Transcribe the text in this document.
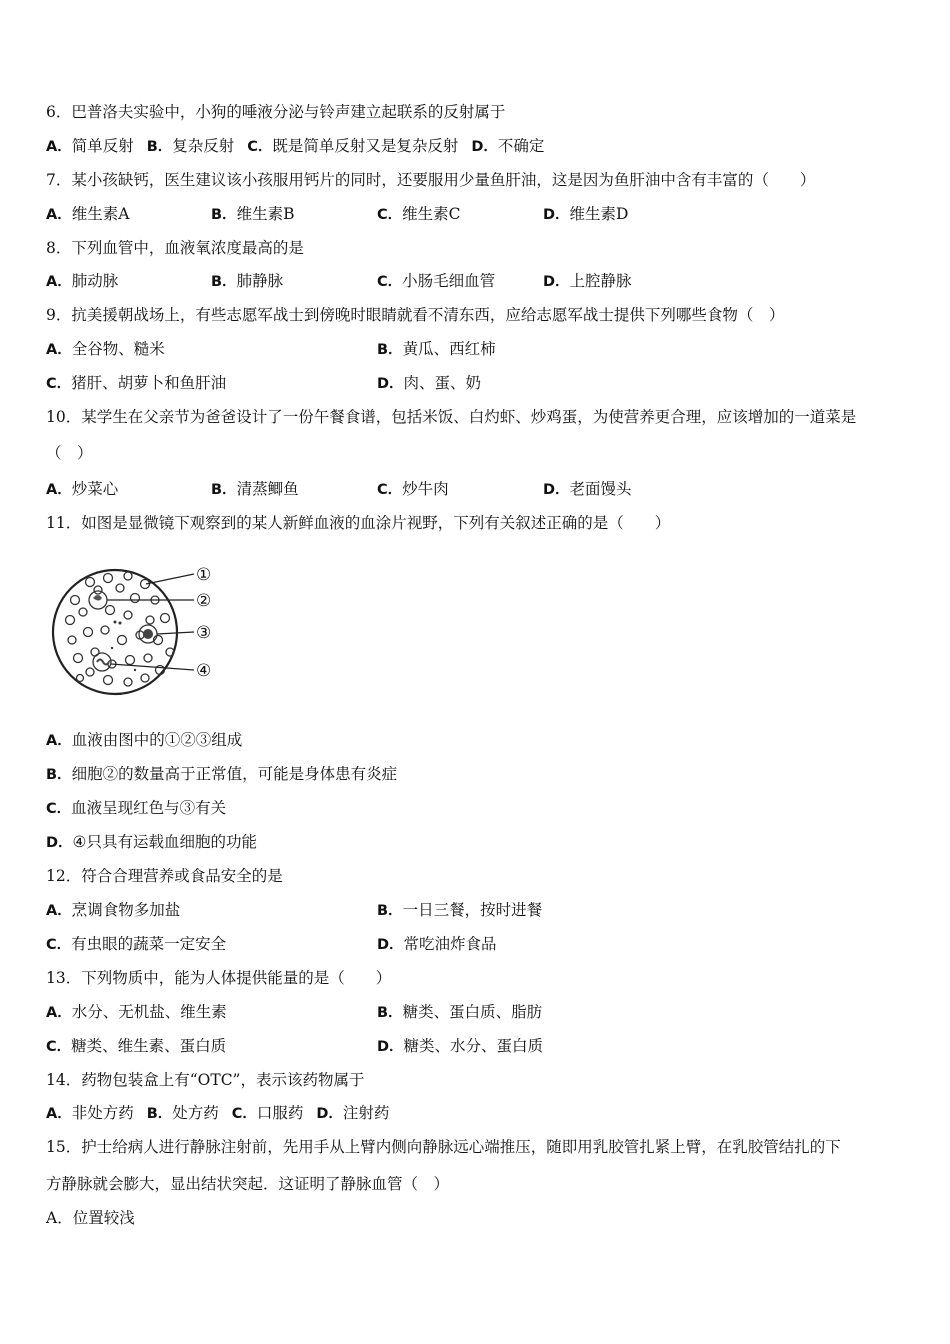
6．巴普洛夫实验中，小狗的唾液分泌与铃声建立起联系的反射属于
A．简单反射 B．复杂反射 C．既是简单反射又是复杂反射 D．不确定
7．某小孩缺钙，医生建议该小孩服用钙片的同时，还要服用少量鱼肝油，这是因为鱼肝油中含有丰富的（　　）
A．维生素A	B．维生素B	C．维生素C	D．维生素D
8．下列血管中，血液氧浓度最高的是
A．肺动脉	B．肺静脉	C．小肠毛细血管	D．上腔静脉
9．抗美援朝战场上，有些志愿军战士到傍晚时眼睛就看不清东西，应给志愿军战士提供下列哪些食物（　）
A．全谷物、糙米	B．黄瓜、西红柿
C．猪肝、胡萝卜和鱼肝油	D．肉、蛋、奶
10．某学生在父亲节为爸爸设计了一份午餐食谱，包括米饭、白灼虾、炒鸡蛋，为使营养更合理，应该增加的一道菜是
（　）
A．炒菜心	B．清蒸鲫鱼	C．炒牛肉	D．老面馒头
11．如图是显微镜下观察到的某人新鲜血液的血涂片视野，下列有关叙述正确的是（　　）
①
②
③
④
A．血液由图中的①②③组成
B．细胞②的数量高于正常值，可能是身体患有炎症
C．血液呈现红色与③有关
D．④只具有运载血细胞的功能
12．符合合理营养或食品安全的是
A．烹调食物多加盐	B．一日三餐，按时进餐
C．有虫眼的蔬菜一定安全	D．常吃油炸食品
13．下列物质中，能为人体提供能量的是（　　）
A．水分、无机盐、维生素	B．糖类、蛋白质、脂肪
C．糖类、维生素、蛋白质	D．糖类、水分、蛋白质
14．药物包装盒上有“OTC”，表示该药物属于
A．非处方药 B．处方药 C．口服药 D．注射药
15．护士给病人进行静脉注射前，先用手从上臂内侧向静脉远心端推压，随即用乳胶管扎紧上臂，在乳胶管结扎的下
方静脉就会膨大，显出结状突起．这证明了静脉血管（　）
A．位置较浅
